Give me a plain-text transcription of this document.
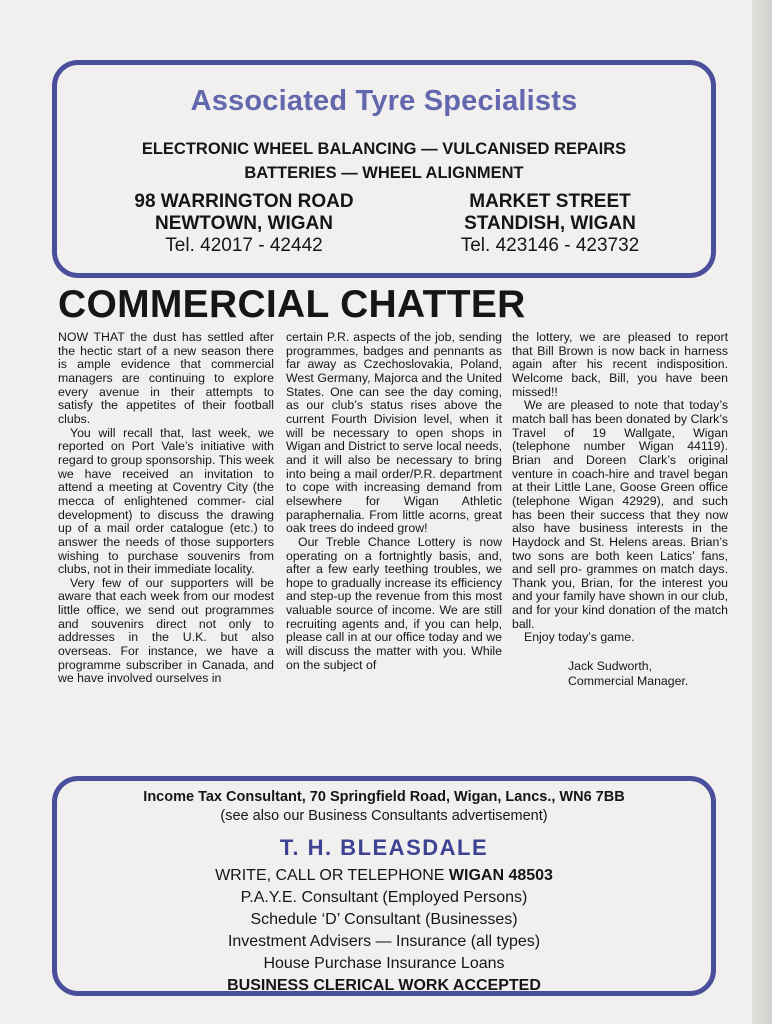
Associated Tyre Specialists
ELECTRONIC WHEEL BALANCING — VULCANISED REPAIRS
BATTERIES — WHEEL ALIGNMENT
98 WARRINGTON ROAD
NEWTOWN, WIGAN
Tel. 42017 - 42442
MARKET STREET
STANDISH, WIGAN
Tel. 423146 - 423732
COMMERCIAL CHATTER

NOW THAT the dust has settled after the hectic start of a new season there is ample evidence that commercial managers are continuing to explore every avenue in their attempts to satisfy the appetites of their football clubs.

You will recall that, last week, we reported on Port Vale’s initiative with regard to group sponsorship. This week we have received an invitation to attend a meeting at Coventry City (the mecca of enlightened commer- cial development) to discuss the drawing up of a mail order catalogue (etc.) to answer the needs of those supporters wishing to purchase souvenirs from clubs, not in their immediate locality.

Very few of our supporters will be aware that each week from our modest little office, we send out programmes and souvenirs direct not only to addresses in the U.K. but also overseas. For instance, we have a programme subscriber in Canada, and we have involved ourselves in

certain P.R. aspects of the job, sending programmes, badges and pennants as far away as Czechoslovakia, Poland, West Germany, Majorca and the United States. One can see the day coming, as our club’s status rises above the current Fourth Division level, when it will be necessary to open shops in Wigan and District to serve local needs, and it will also be necessary to bring into being a mail order/P.R. department to cope with increasing demand from elsewhere for Wigan Athletic paraphernalia. From little acorns, great oak trees do indeed grow!

Our Treble Chance Lottery is now operating on a fortnightly basis, and, after a few early teething troubles, we hope to gradually increase its efficiency and step-up the revenue from this most valuable source of income. We are still recruiting agents and, if you can help, please call in at our office today and we will discuss the matter with you. While on the subject of

the lottery, we are pleased to report that Bill Brown is now back in harness again after his recent indisposition. Welcome back, Bill, you have been missed!!

We are pleased to note that today’s match ball has been donated by Clark’s Travel of 19 Wallgate, Wigan (telephone number Wigan 44119). Brian and Doreen Clark’s original venture in coach-hire and travel began at their Little Lane, Goose Green office (telephone Wigan 42929), and such has been their success that they now also have business interests in the Haydock and St. Helens areas. Brian’s two sons are both keen Latics’ fans, and sell pro- grammes on match days. Thank you, Brian, for the interest you and your family have shown in our club, and for your kind donation of the match ball.

Enjoy today’s game.

Jack Sudworth,
Commercial Manager.
Income Tax Consultant, 70 Springfield Road, Wigan, Lancs., WN6 7BB
(see also our Business Consultants advertisement)
T. H. BLEASDALE
WRITE, CALL OR TELEPHONE WIGAN 48503
P.A.Y.E. Consultant (Employed Persons)
Schedule ‘D’ Consultant (Businesses)
Investment Advisers — Insurance (all types)
House Purchase Insurance Loans
BUSINESS CLERICAL WORK ACCEPTED
